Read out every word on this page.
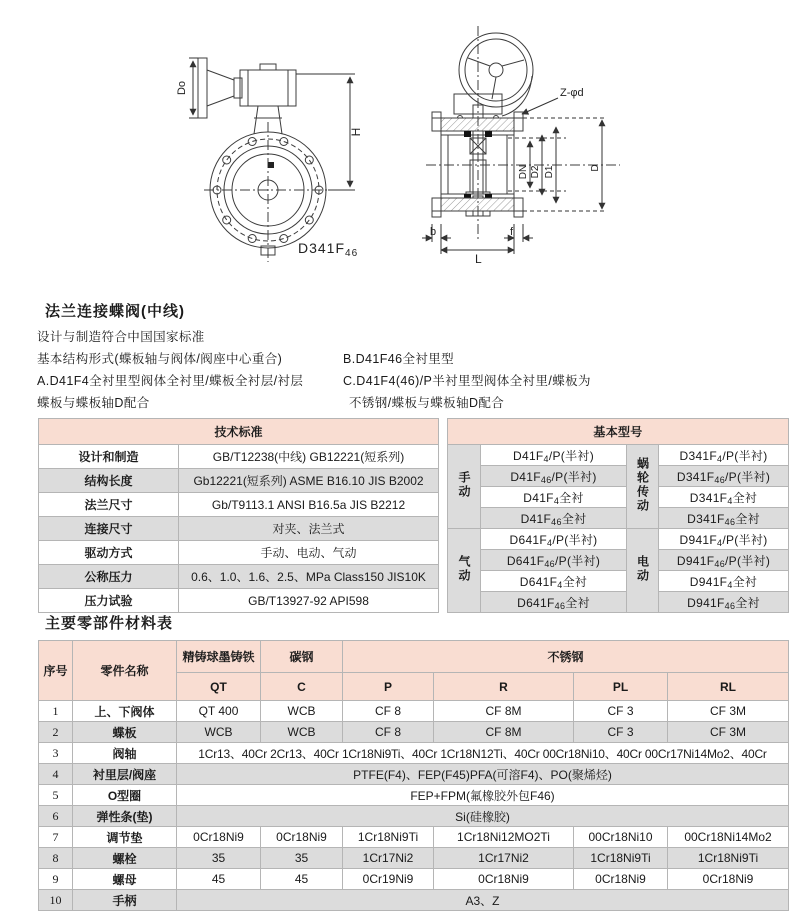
Do
H
$D341F_{46}$
Z-φd
DN D2 D1	D
b
L
f
法兰连接蝶阀(中线)
设计与制造符合中国国家标准
基本结构形式(蝶板轴与阀体/阀座中心重合)
A.D41F4全衬里型阀体全衬里/蝶板全衬层/衬层
蝶板与蝶板轴D配合
B.D41F46全衬里型
C.D41F4(46)/P半衬里型阀体全衬里/蝶板为
不锈钢/蝶板与蝶板轴D配合
技术标准	
设计和制造	GB/T12238(中线) GB12221(短系列)
结构长度	Gb12221(短系列) ASME B16.10 JIS B2002
法兰尺寸	Gb/T9113.1 ANSI B16.5a JIS B2212
连接尺寸	对夹、法兰式
驱动方式	手动、电动、气动
公称压力	0.6、1.0、1.6、2.5、MPa Class150 JIS10K
压力试验	GB/T13927-92 API598
基本型号			
手动	D41F4/P(半衬)	蜗轮传动	D341F4/P(半衬)
	D41F46/P(半衬)		D341F46/P(半衬)
	D41F4全衬		D341F4全衬
	D41F46全衬		D341F46全衬
气动	D641F4/P(半衬)	电动	D941F4/P(半衬)
	D641F46/P(半衬)		D941F46/P(半衬)
	D641F4全衬		D941F4全衬
	D641F46全衬		D941F46全衬
主要零部件材料表
序号	零件名称	精铸球墨铸铁	碳钢	不锈钢			
		QT	C	P	R	PL	RL
1	上、下阀体	QT 400	WCB	CF 8	CF 8M	CF 3	CF 3M
2	蝶板	WCB	WCB	CF 8	CF 8M	CF 3	CF 3M
3	阀轴	1Cr13、40Cr 2Cr13、40Cr 1Cr18Ni9Ti、40Cr 1Cr18N12Ti、40Cr 00Cr18Ni10、40Cr 00Cr17Ni14Mo2、40Cr					
4	衬里层/阀座	PTFE(F4)、FEP(F45)PFA(可溶F4)、PO(聚烯烃)					
5	O型圈	FEP+FPM(氟橡胶外包F46)					
6	弹性条(垫)	Si(硅橡胶)					
7	调节垫	0Cr18Ni9	0Cr18Ni9	1Cr18Ni9Ti	1Cr18Ni12MO2Ti	00Cr18Ni10	00Cr18Ni14Mo2
8	螺栓	35	35	1Cr17Ni2	1Cr17Ni2	1Cr18Ni9Ti	1Cr18Ni9Ti
9	螺母	45	45	0Cr19Ni9	0Cr18Ni9	0Cr18Ni9	0Cr18Ni9
10	手柄	A3、Z					
